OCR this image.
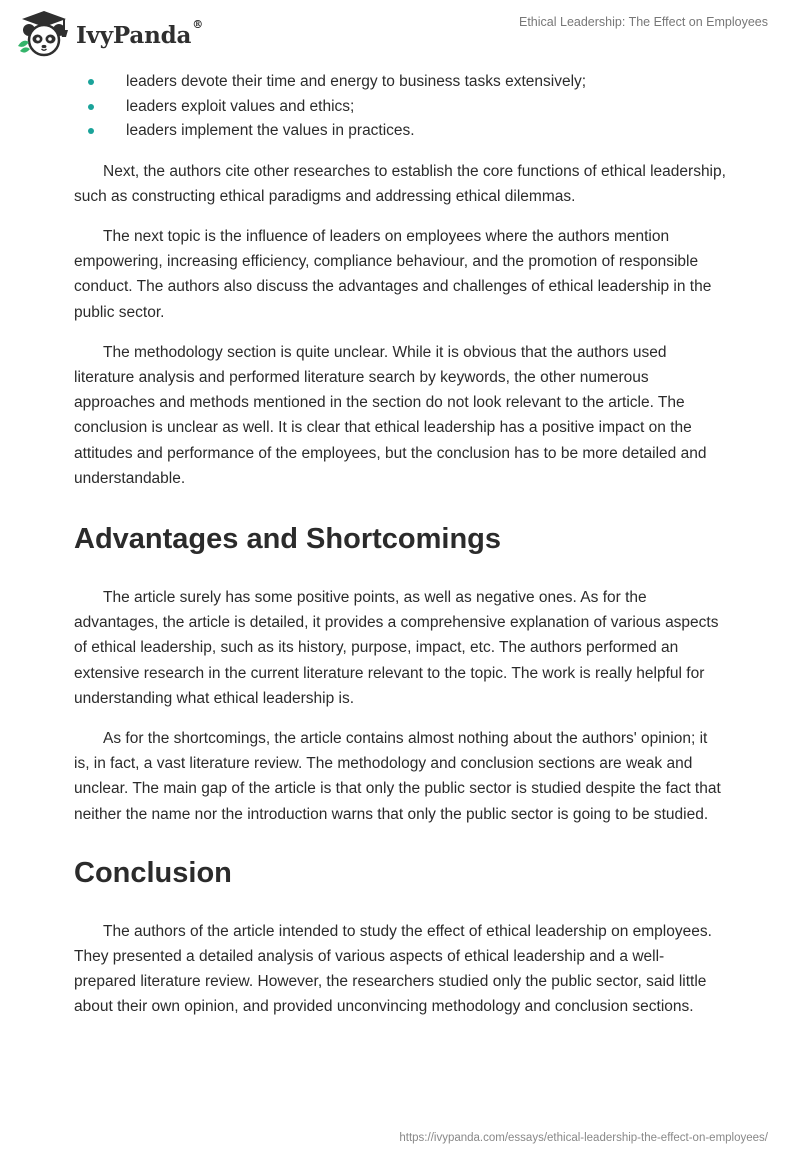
IvyPanda®	Ethical Leadership: The Effect on Employees
leaders devote their time and energy to business tasks extensively;
leaders exploit values and ethics;
leaders implement the values in practices.

Next, the authors cite other researches to establish the core functions of ethical leadership, such as constructing ethical paradigms and addressing ethical dilemmas.

The next topic is the influence of leaders on employees where the authors mention empowering, increasing efficiency, compliance behaviour, and the promotion of responsible conduct. The authors also discuss the advantages and challenges of ethical leadership in the public sector.

The methodology section is quite unclear. While it is obvious that the authors used literature analysis and performed literature search by keywords, the other numerous approaches and methods mentioned in the section do not look relevant to the article. The conclusion is unclear as well. It is clear that ethical leadership has a positive impact on the attitudes and performance of the employees, but the conclusion has to be more detailed and understandable.

Advantages and Shortcomings

The article surely has some positive points, as well as negative ones. As for the advantages, the article is detailed, it provides a comprehensive explanation of various aspects of ethical leadership, such as its history, purpose, impact, etc. The authors performed an extensive research in the current literature relevant to the topic. The work is really helpful for understanding what ethical leadership is.

As for the shortcomings, the article contains almost nothing about the authors' opinion; it is, in fact, a vast literature review. The methodology and conclusion sections are weak and unclear. The main gap of the article is that only the public sector is studied despite the fact that neither the name nor the introduction warns that only the public sector is going to be studied.

Conclusion

The authors of the article intended to study the effect of ethical leadership on employees. They presented a detailed analysis of various aspects of ethical leadership and a well-prepared literature review. However, the researchers studied only the public sector, said little about their own opinion, and provided unconvincing methodology and conclusion sections.

https://ivypanda.com/essays/ethical-leadership-the-effect-on-employees/
